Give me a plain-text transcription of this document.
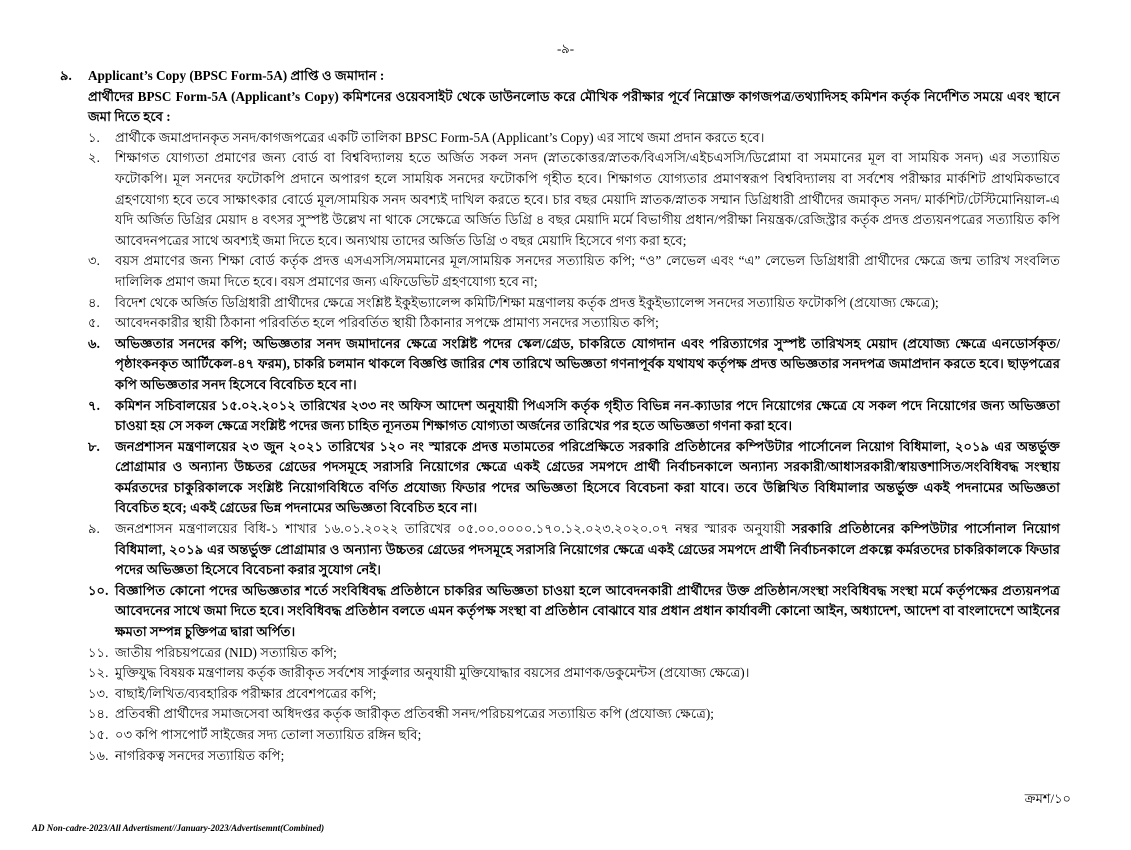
-৯-
৯.	Applicant’s Copy (BPSC Form-5A) প্রাপ্তি ও জমাদান :
প্রার্থীদের BPSC Form-5A (Applicant’s Copy) কমিশনের ওয়েবসাইট থেকে ডাউনলোড করে মৌখিক পরীক্ষার পূর্বে নিম্নোক্ত কাগজপত্র/তথ্যাদিসহ কমিশন কর্তৃক নির্দেশিত সময়ে এবং স্থানে জমা দিতে হবে :
১.	প্রার্থীকে জমাপ্রদানকৃত সনদ/কাগজপত্রের একটি তালিকা BPSC Form-5A (Applicant’s Copy) এর সাথে জমা প্রদান করতে হবে।
২.	শিক্ষাগত যোগ্যতা প্রমাণের জন্য বোর্ড বা বিশ্ববিদ্যালয় হতে অর্জিত সকল সনদ (স্নাতকোত্তর/স্নাতক/বিএসসি/এইচএসসি/ডিপ্লোমা বা সমমানের মূল বা সাময়িক সনদ) এর সত্যায়িত ফটোকপি। মূল সনদের ফটোকপি প্রদানে অপারগ হলে সাময়িক সনদের ফটোকপি গৃহীত হবে। শিক্ষাগত যোগ্যতার প্রমাণস্বরূপ বিশ্ববিদ্যালয় বা সর্বশেষ পরীক্ষার মার্কশিট প্রাথমিকভাবে গ্রহণযোগ্য হবে তবে সাক্ষাৎকার বোর্ডে মূল/সাময়িক সনদ অবশ্যই দাখিল করতে হবে। চার বছর মেয়াদি স্নাতক/স্নাতক সম্মান ডিগ্রিধারী প্রার্থীদের জমাকৃত সনদ/ মার্কশিট/টেস্টিমোনিয়াল-এ যদি অর্জিত ডিগ্রির মেয়াদ ৪ বৎসর সুস্পষ্ট উল্লেখ না থাকে সেক্ষেত্রে অর্জিত ডিগ্রি ৪ বছর মেয়াদি মর্মে বিভাগীয় প্রধান/পরীক্ষা নিয়ন্ত্রক/রেজিস্ট্রার কর্তৃক প্রদত্ত প্রত্যয়নপত্রের সত্যায়িত কপি আবেদনপত্রের সাথে অবশ্যই জমা দিতে হবে। অন্যথায় তাদের অর্জিত ডিগ্রি ৩ বছর মেয়াদি হিসেবে গণ্য করা হবে;
৩.	বয়স প্রমাণের জন্য শিক্ষা বোর্ড কর্তৃক প্রদত্ত এসএসসি/সমমানের মূল/সাময়িক সনদের সত্যায়িত কপি; “ও” লেভেল এবং “এ” লেভেল ডিগ্রিধারী প্রার্থীদের ক্ষেত্রে জন্ম তারিখ সংবলিত দালিলিক প্রমাণ জমা দিতে হবে। বয়স প্রমাণের জন্য এফিডেভিট গ্রহণযোগ্য হবে না;
৪.	বিদেশ থেকে অর্জিত ডিগ্রিধারী প্রার্থীদের ক্ষেত্রে সংশ্লিষ্ট ইকুইভ্যালেন্স কমিটি/শিক্ষা মন্ত্রণালয় কর্তৃক প্রদত্ত ইকুইভ্যালেন্স সনদের সত্যায়িত ফটোকপি (প্রযোজ্য ক্ষেত্রে);
৫.	আবেদনকারীর স্থায়ী ঠিকানা পরিবর্তিত হলে পরিবর্তিত স্থায়ী ঠিকানার সপক্ষে প্রামাণ্য সনদের সত্যায়িত কপি;
৬.	অভিজ্ঞতার সনদের কপি; অভিজ্ঞতার সনদ জমাদানের ক্ষেত্রে সংশ্লিষ্ট পদের স্কেল/গ্রেড, চাকরিতে যোগদান এবং পরিত্যাগের সুস্পষ্ট তারিখসহ মেয়াদ (প্রযোজ্য ক্ষেত্রে এনডোর্সকৃত/পৃষ্ঠাংকনকৃত আর্টিকেল-৪৭ ফরম), চাকরি চলমান থাকলে বিজ্ঞপ্তি জারির শেষ তারিখে অভিজ্ঞতা গণনাপূর্বক যথাযথ কর্তৃপক্ষ প্রদত্ত অভিজ্ঞতার সনদপত্র জমাপ্রদান করতে হবে। ছাড়পত্রের কপি অভিজ্ঞতার সনদ হিসেবে বিবেচিত হবে না।
৭.	কমিশন সচিবালয়ের ১৫.০২.২০১২ তারিখের ২৩৩ নং অফিস আদেশ অনুযায়ী পিএসসি কর্তৃক গৃহীত বিভিন্ন নন-ক্যাডার পদে নিয়োগের ক্ষেত্রে যে সকল পদে নিয়োগের জন্য অভিজ্ঞতা চাওয়া হয় সে সকল ক্ষেত্রে সংশ্লিষ্ট পদের জন্য চাহিত ন্যূনতম শিক্ষাগত যোগ্যতা অর্জনের তারিখের পর হতে অভিজ্ঞতা গণনা করা হবে।
৮.	জনপ্রশাসন মন্ত্রণালয়ের ২৩ জুন ২০২১ তারিখের ১২০ নং স্মারকে প্রদত্ত মতামতের পরিপ্রেক্ষিতে সরকারি প্রতিষ্ঠানের কম্পিউটার পার্সোনেল নিয়োগ বিধিমালা, ২০১৯ এর অন্তর্ভুক্ত প্রোগ্রামার ও অন্যান্য উচ্চতর গ্রেডের পদসমূহে সরাসরি নিয়োগের ক্ষেত্রে একই গ্রেডের সমপদে প্রার্থী নির্বাচনকালে অন্যান্য সরকারী/আধাসরকারী/স্বায়ত্তশাসিত/সংবিধিবদ্ধ সংস্থায় কর্মরতদের চাকুরিকালকে সংশ্লিষ্ট নিয়োগবিধিতে বর্ণিত প্রযোজ্য ফিডার পদের অভিজ্ঞতা হিসেবে বিবেচনা করা যাবে। তবে উল্লিখিত বিধিমালার অন্তর্ভুক্ত একই পদনামের অভিজ্ঞতা বিবেচিত হবে; একই গ্রেডের ভিন্ন পদনামের অভিজ্ঞতা বিবেচিত হবে না।
৯.	জনপ্রশাসন মন্ত্রণালয়ের বিধি-১ শাখার ১৬.০১.২০২২ তারিখের ০৫.০০.০০০০.১৭০.১২.০২৩.২০২০.০৭ নম্বর স্মারক অনুযায়ী সরকারি প্রতিষ্ঠানের কম্পিউটার পার্সোনাল নিয়োগ বিধিমালা, ২০১৯ এর অন্তর্ভুক্ত প্রোগ্রামার ও অন্যান্য উচ্চতর গ্রেডের পদসমূহে সরাসরি নিয়োগের ক্ষেত্রে একই গ্রেডের সমপদে প্রার্থী নির্বাচনকালে প্রকল্পে কর্মরতদের চাকরিকালকে ফিডার পদের অভিজ্ঞতা হিসেবে বিবেচনা করার সুযোগ নেই।
১০. বিজ্ঞাপিত কোনো পদের অভিজ্ঞতার শর্তে সংবিধিবদ্ধ প্রতিষ্ঠানে চাকরির অভিজ্ঞতা চাওয়া হলে আবেদনকারী প্রার্থীদের উক্ত প্রতিষ্ঠান/সংস্থা সংবিধিবদ্ধ সংস্থা মর্মে কর্তৃপক্ষের প্রত্যয়নপত্র আবেদনের সাথে জমা দিতে হবে। সংবিধিবদ্ধ প্রতিষ্ঠান বলতে এমন কর্তৃপক্ষ সংস্থা বা প্রতিষ্ঠান বোঝাবে যার প্রধান প্রধান কার্যাবলী কোনো আইন, অধ্যাদেশ, আদেশ বা বাংলাদেশে আইনের ক্ষমতা সম্পন্ন চুক্তিপত্র দ্বারা অর্পিত।
১১. জাতীয় পরিচয়পত্রের (NID) সত্যায়িত কপি;
১২. মুক্তিযুদ্ধ বিষয়ক মন্ত্রণালয় কর্তৃক জারীকৃত সর্বশেষ সার্কুলার অনুযায়ী মুক্তিযোদ্ধার বয়সের প্রমাণক/ডকুমেন্টস (প্রযোজ্য ক্ষেত্রে)।
১৩. বাছাই/লিখিত/ব্যবহারিক পরীক্ষার প্রবেশপত্রের কপি;
১৪. প্রতিবন্ধী প্রার্থীদের সমাজসেবা অধিদপ্তর কর্তৃক জারীকৃত প্রতিবন্ধী সনদ/পরিচয়পত্রের সত্যায়িত কপি (প্রযোজ্য ক্ষেত্রে);
১৫. ০৩ কপি পাসপোর্ট সাইজের সদ্য তোলা সত্যায়িত রঙ্গিন ছবি;
১৬. নাগরিকত্ব সনদের সত্যায়িত কপি;
ক্রমশ/১০
AD Non-cadre-2023/All Advertisment//January-2023/Advertisemnt(Combined)
